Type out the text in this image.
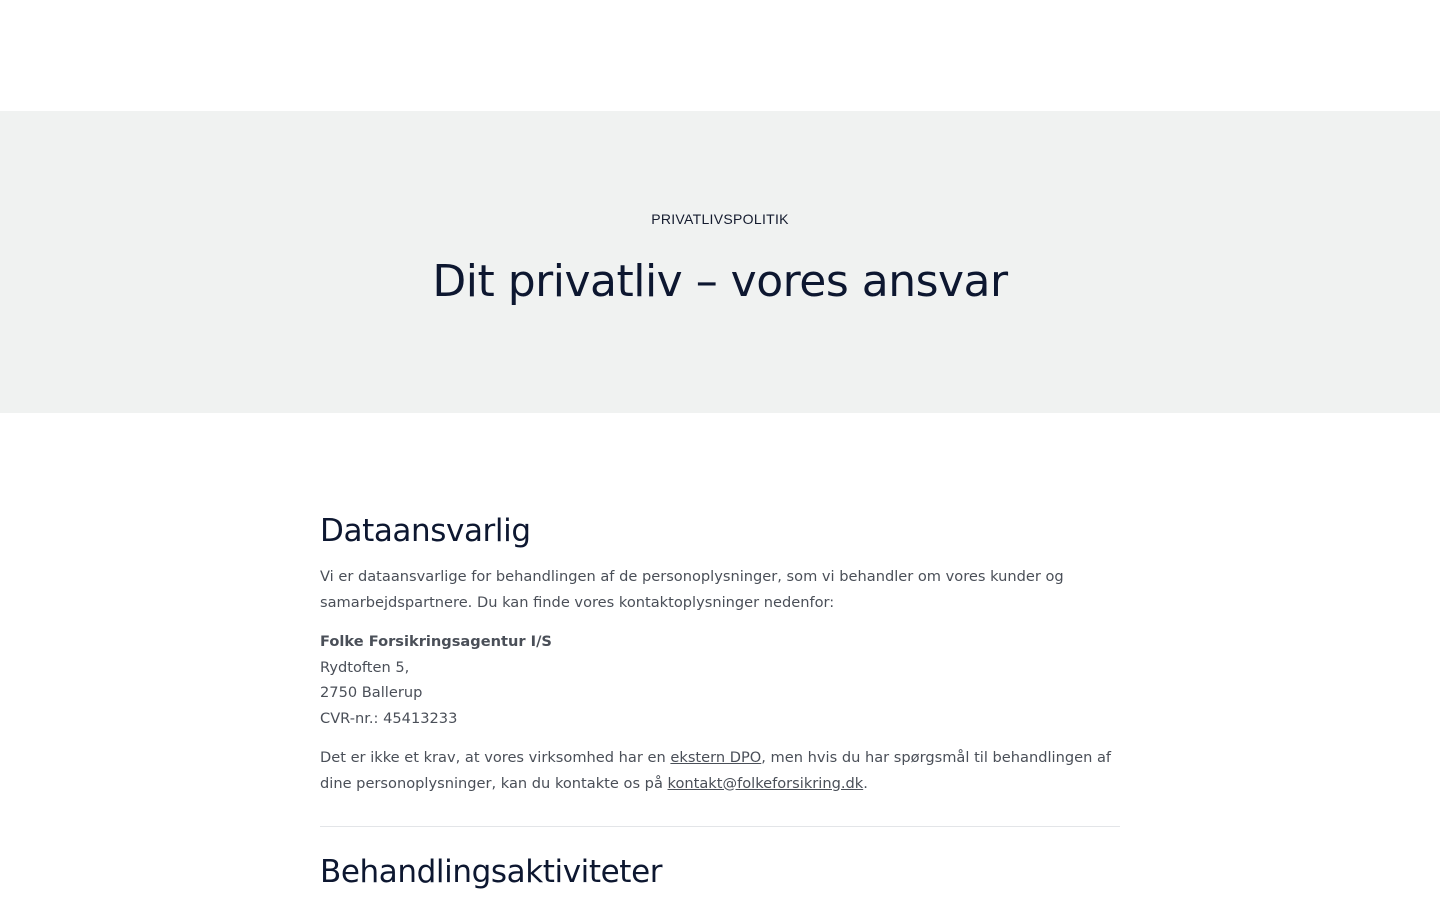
PRIVATLIVSPOLITIK
Dit privatliv – vores ansvar
Dataansvarlig

Vi er dataansvarlige for behandlingen af de personoplysninger, som vi behandler om vores kunder og samarbejdspartnere. Du kan finde vores kontaktoplysninger nedenfor:

Folke Forsikringsagentur I/S
Rydtoften 5,
2750 Ballerup
CVR-nr.: 45413233

Det er ikke et krav, at vores virksomhed har en ekstern DPO, men hvis du har spørgsmål til behandlingen af dine personoplysninger, kan du kontakte os på kontakt@folkeforsikring.dk.

Behandlingsaktiviteter
